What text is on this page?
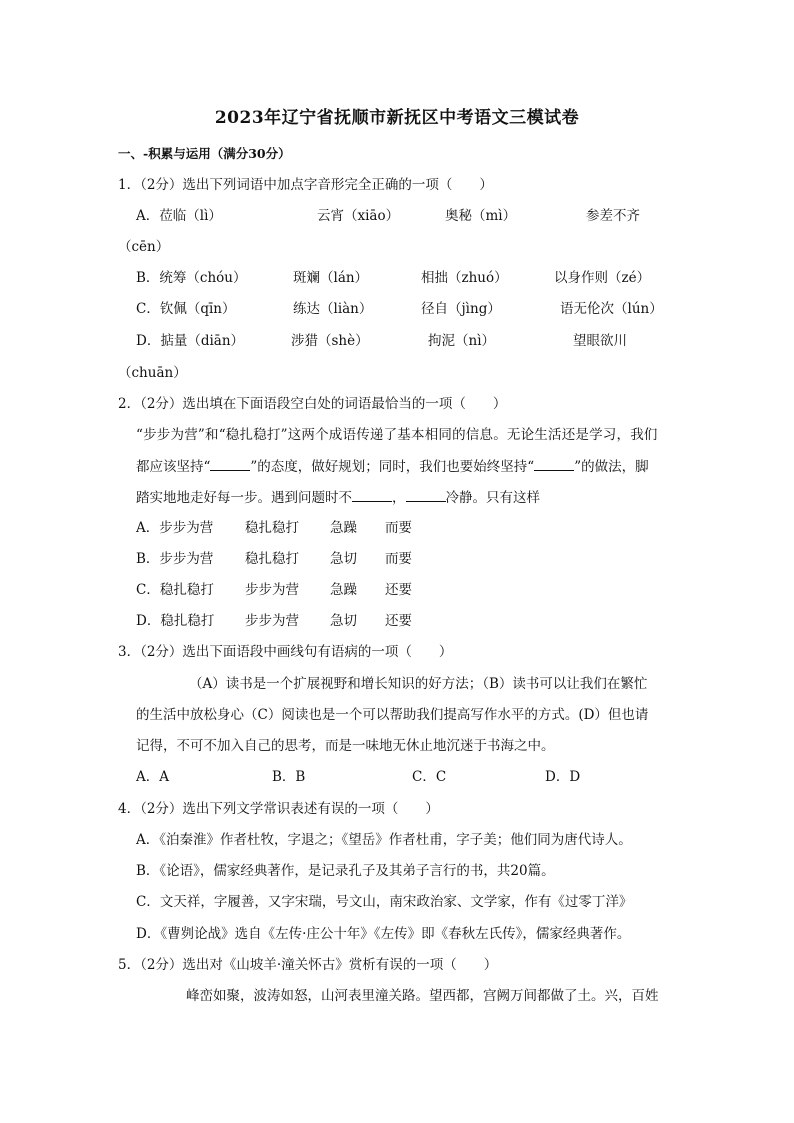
2023年辽宁省抚顺市新抚区中考语文三模试卷
一、-积累与运用（满分30分）
1．（2分）选出下列词语中加点字音形完全正确的一项（　　）
A．莅临（lì）	云宵（xiāo）	奥秘（mì）	参差不齐
（cēn）
B．统筹（chóu）	斑斓（lán）	相拙（zhuó）	以身作则（zé）
C．钦佩（qīn）	练达（liàn）	径自（jìng）	语无伦次（lún）
D．掂量（diān）	涉猎（shè）	拘泥（nì）	望眼欲川
（chuān）
2．（2分）选出填在下面语段空白处的词语最恰当的一项（　　）
“步步为营”和“稳扎稳打”这两个成语传递了基本相同的信息。无论生活还是学习，我们
都应该坚持“	”的态度，做好规划；同时，我们也要始终坚持“	”的做法，脚
踏实地地走好每一步。遇到问题时不	，	冷静。只有这样
A．步步为营 稳扎稳打 急躁 而要
B．步步为营 稳扎稳打 急切 而要
C．稳扎稳打 步步为营 急躁 还要
D．稳扎稳打 步步为营 急切 还要
3．（2分）选出下面语段中画线句有语病的一项（　　）
（A）读书是一个扩展视野和增长知识的好方法；（B）读书可以让我们在繁忙
的生活中放松身心（C）阅读也是一个可以帮助我们提高写作水平的方式。(D）但也请
记得，不可不加入自己的思考，而是一味地无休止地沉迷于书海之中。
A．A	B．B	C．C	D．D
4．（2分）选出下列文学常识表述有误的一项（　　）
A．《泊秦淮》作者杜牧，字退之；《望岳》作者杜甫，字子美；他们同为唐代诗人。
B．《论语》，儒家经典著作，是记录孔子及其弟子言行的书，共20篇。
C．文天祥，字履善，又字宋瑞，号文山，南宋政治家、文学家，作有《过零丁洋》
D．《曹刿论战》选自《左传·庄公十年》《左传》即《春秋左氏传》，儒家经典著作。
5．（2分）选出对《山坡羊·潼关怀古》赏析有误的一项（　　）
峰峦如聚，波涛如怒，山河表里潼关路。望西都，宫阙万间都做了土。兴，百姓
